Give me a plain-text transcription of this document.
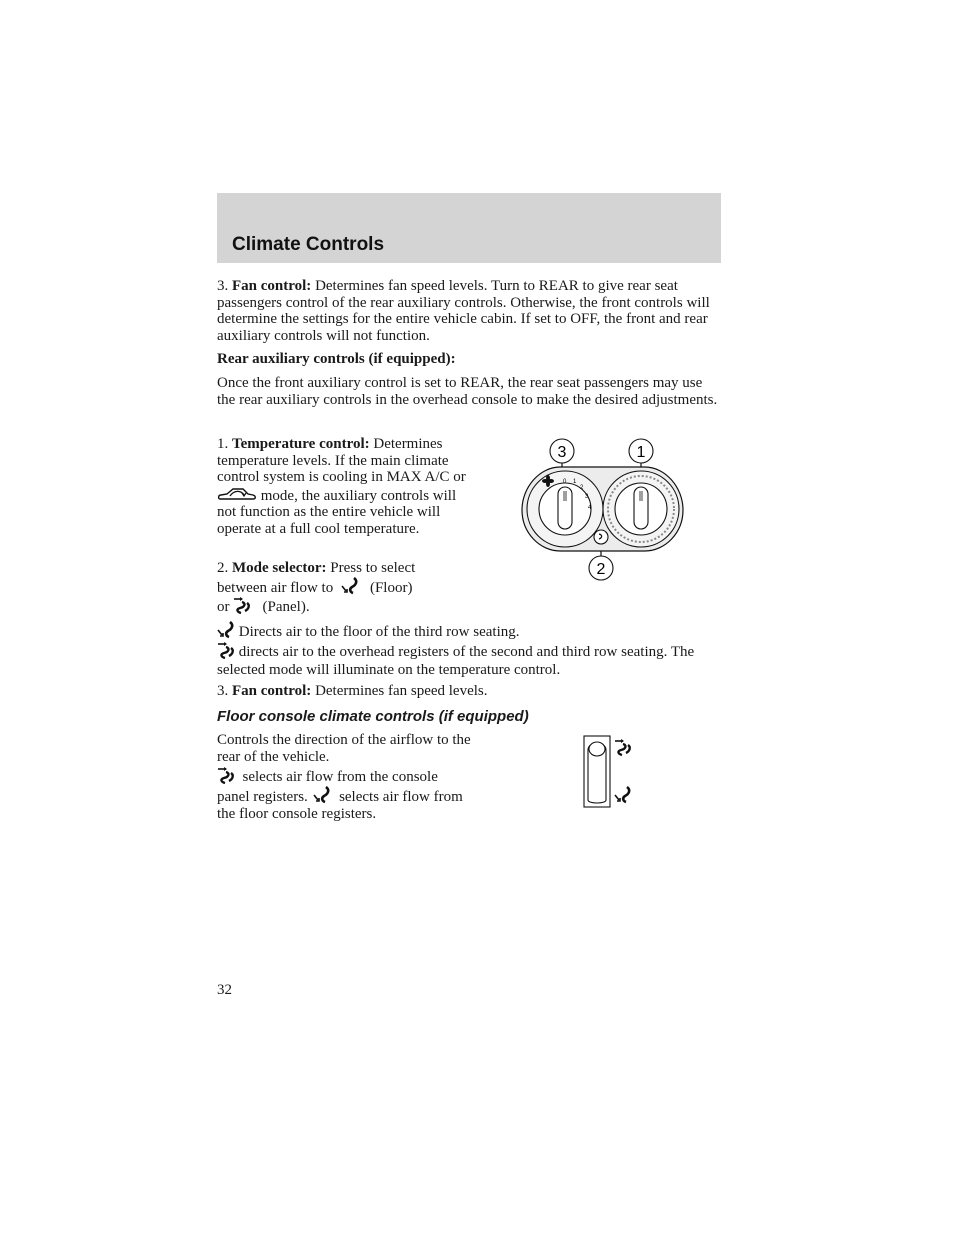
Climate Controls

3. Fan control: Determines fan speed levels. Turn to REAR to give rear seat passengers control of the rear auxiliary controls. Otherwise, the front controls will determine the settings for the entire vehicle cabin. If set to OFF, the front and rear auxiliary controls will not function.

Rear auxiliary controls (if equipped):

Once the front auxiliary control is set to REAR, the rear seat passengers may use the rear auxiliary controls in the overhead console to make the desired adjustments.

1. Temperature control: Determines temperature levels. If the main climate control system is cooling in MAX A/C or  mode, the auxiliary controls will not function as the entire vehicle will operate at a full cool temperature.

2. Mode selector: Press to select between air flow to (Floor)
or (Panel).

Directs air to the floor of the third row seating.

directs air to the overhead registers of the second and third row seating. The selected mode will illuminate on the temperature control.

3. Fan control: Determines fan speed levels.

Floor console climate controls (if equipped)

Controls the direction of the airflow to the rear of the vehicle.
selects air flow from the console panel registers. selects air flow from the floor console registers.

0 1
2
3
4
3	1
2
32
